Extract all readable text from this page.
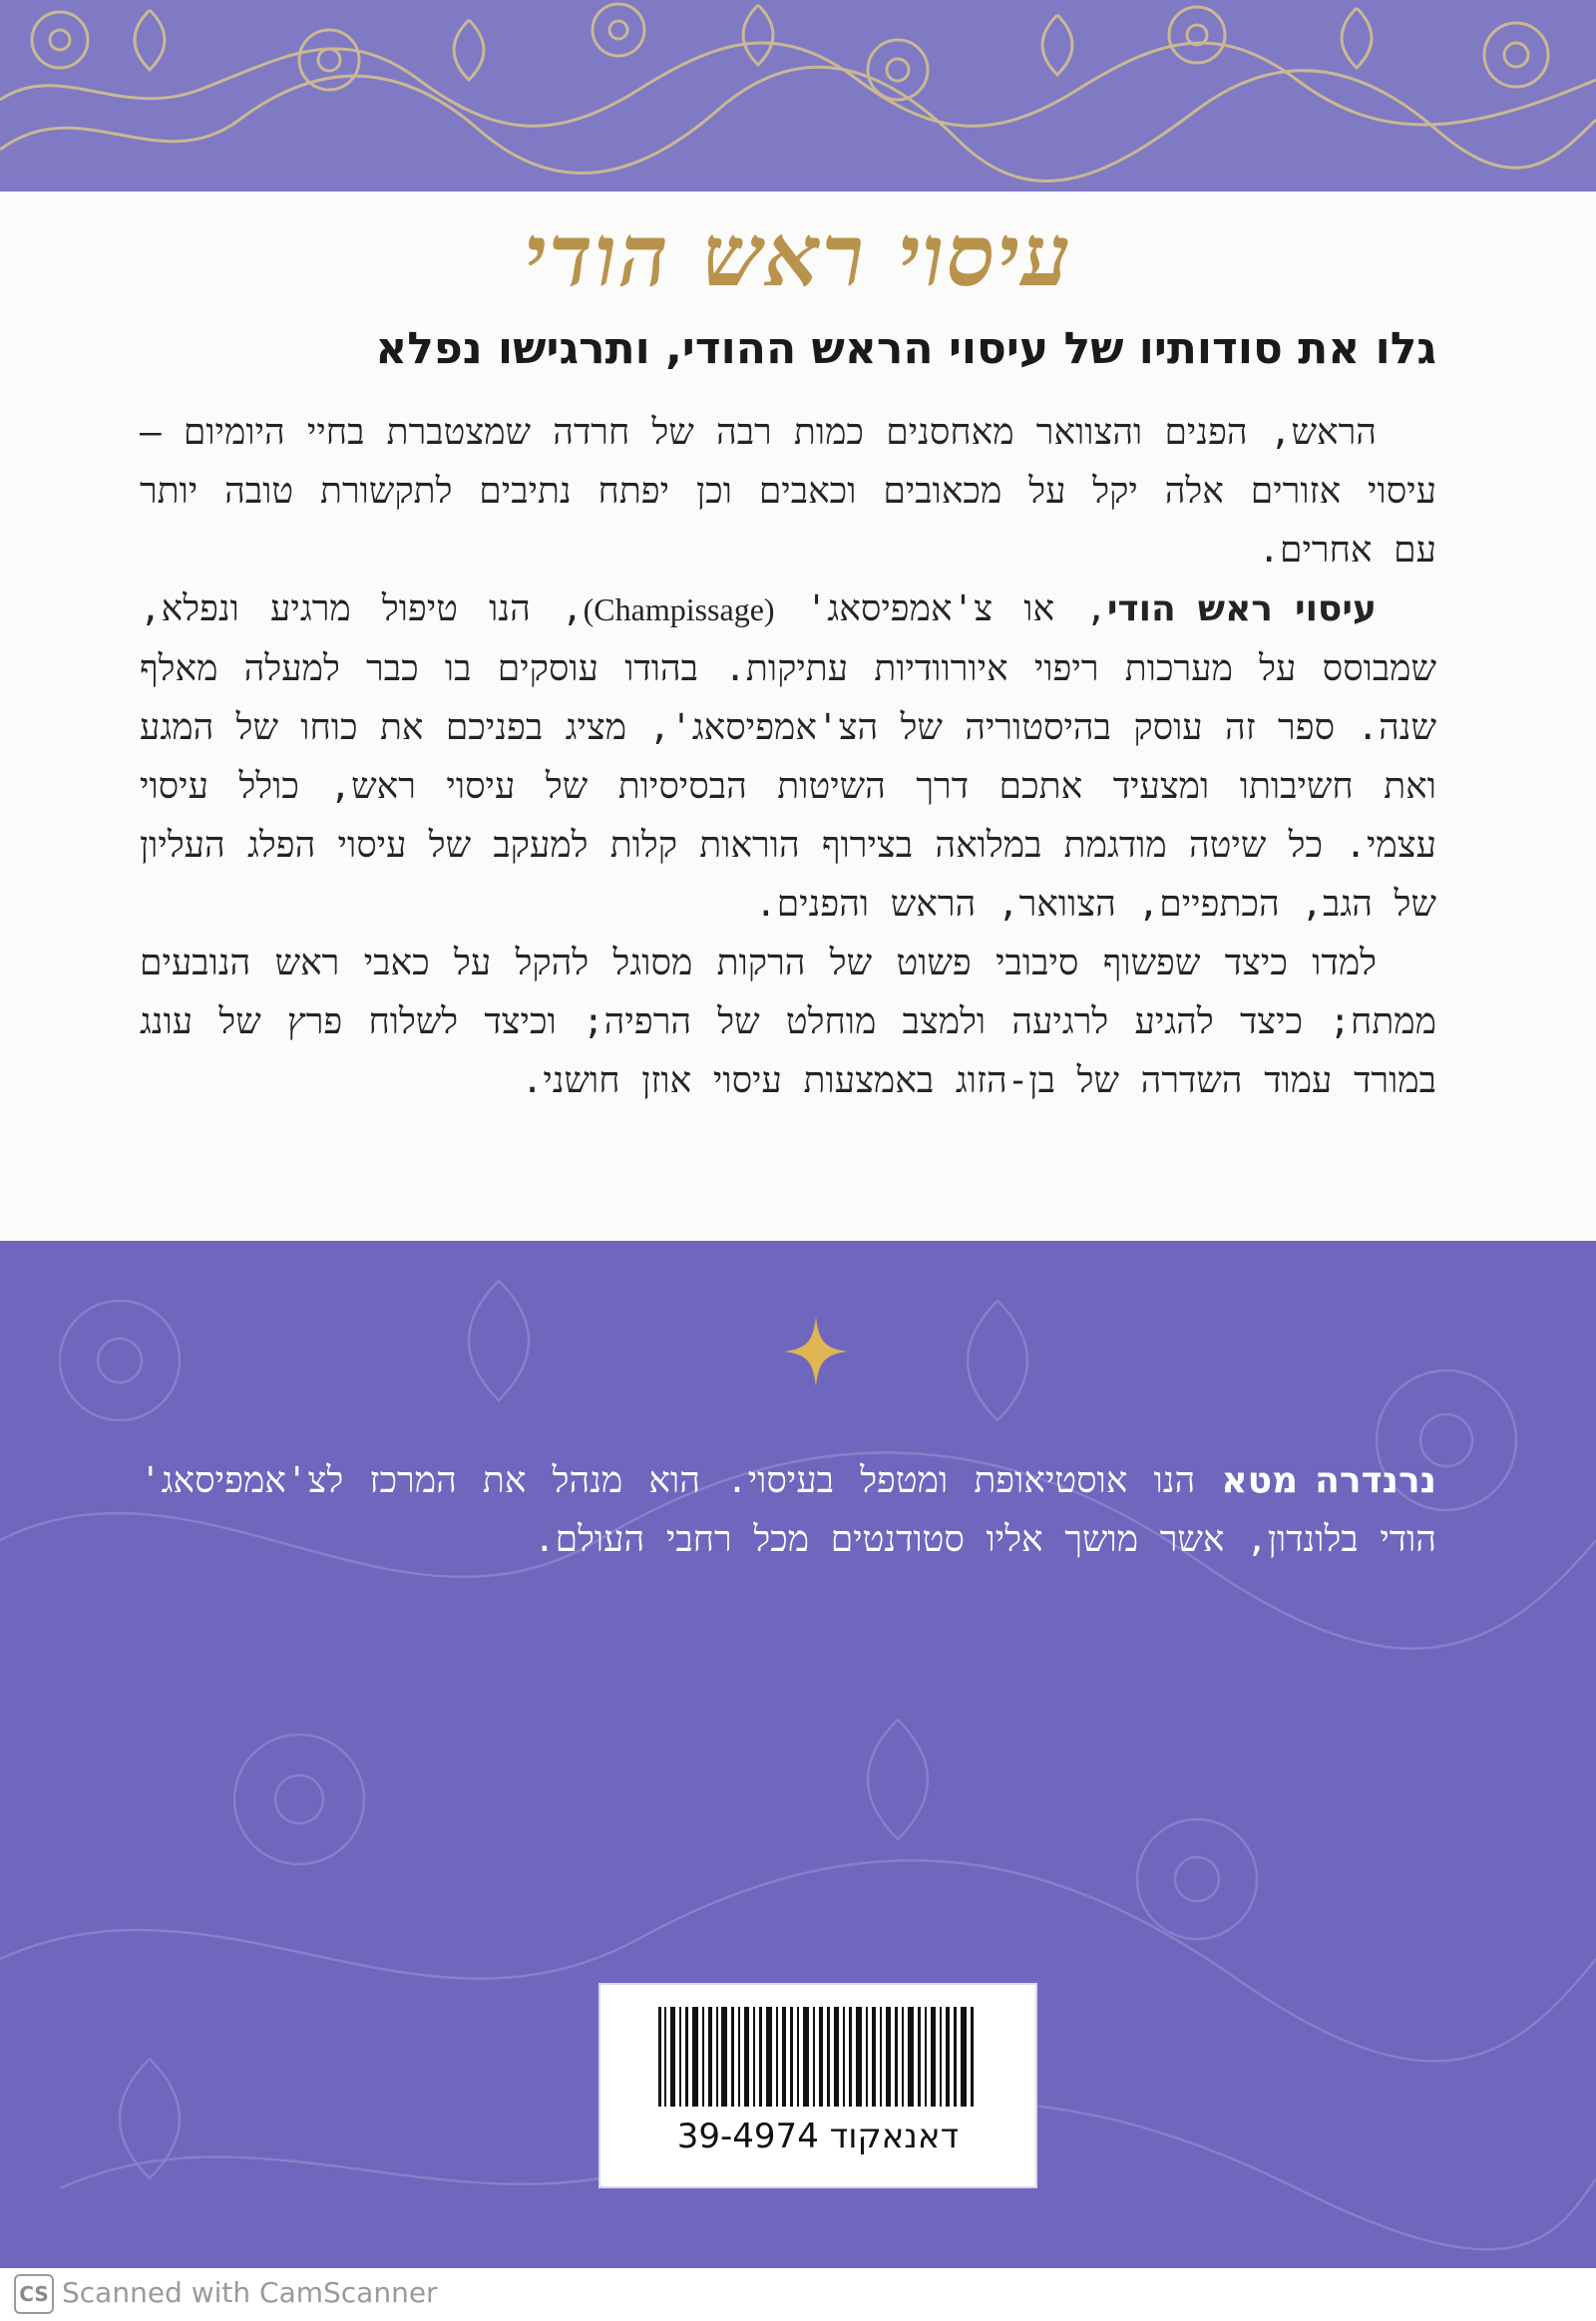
עיסוי ראש הודי
גלו את סודותיו של עיסוי הראש ההודי, ותרגישו נפלא

הראש, הפנים והצוואר מאחסנים כמות רבה של חרדה שמצטברת בחיי היומיום – עיסוי אזורים אלה יקל על מכאובים וכאבים וכן יפתח נתיבים לתקשורת טובה יותר עם אחרים.

עיסוי ראש הודי, או צ'אמפיסאג' (Champissage), הנו טיפול מרגיע ונפלא, שמבוסס על מערכות ריפוי איורוודיות עתיקות. בהודו עוסקים בו כבר למעלה מאלף שנה. ספר זה עוסק בהיסטוריה של הצ'אמפיסאג', מציג בפניכם את כוחו של המגע ואת חשיבותו ומצעיד אתכם דרך השיטות הבסיסיות של עיסוי ראש, כולל עיסוי עצמי. כל שיטה מודגמת במלואה בצירוף הוראות קלות למעקב של עיסוי הפלג העליון של הגב, הכתפיים, הצוואר, הראש והפנים.

למדו כיצד שפשוף סיבובי פשוט של הרקות מסוגל להקל על כאבי ראש הנובעים ממתח; כיצד להגיע לרגיעה ולמצב מוחלט של הרפיה; וכיצד לשלוח פרץ של עונג במורד עמוד השדרה של בן-הזוג באמצעות עיסוי אוזן חושני.

נרנדרה מטא הנו אוסטיאופת ומטפל בעיסוי. הוא מנהל את המרכז לצ'אמפיסאג' הודי בלונדון, אשר מושך אליו סטודנטים מכל רחבי העולם.
דאנאקוד 39-4974
CS Scanned with CamScanner
